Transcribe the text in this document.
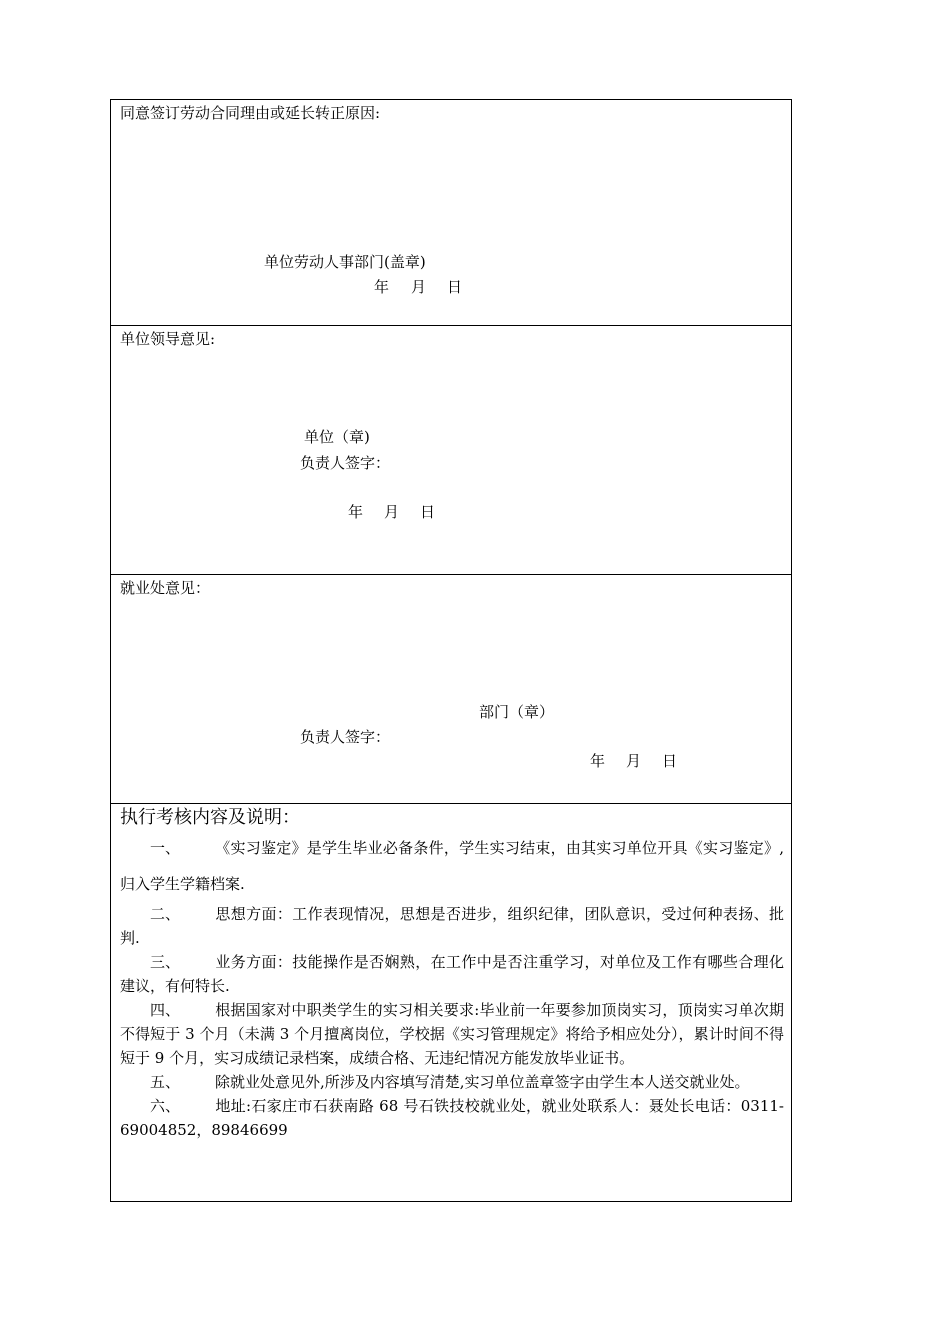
同意签订劳动合同理由或延长转正原因:
单位劳动人事部门(盖章)
年 月 日
单位领导意见:
单位（章)
负责人签字：
年 月 日
就业处意见：
部门（章）
负责人签字：
年 月 日
执行考核内容及说明：

一、 《实习鉴定》是学生毕业必备条件，学生实习结束，由其实习单位开具《实习鉴定》,归入学生学籍档案.

二、 思想方面：工作表现情况，思想是否进步，组织纪律，团队意识，受过何种表扬、批判.

三、 业务方面：技能操作是否娴熟，在工作中是否注重学习，对单位及工作有哪些合理化建议，有何特长.

四、 根据国家对中职类学生的实习相关要求:毕业前一年要参加顶岗实习，顶岗实习单次期不得短于 3 个月（未满 3 个月擅离岗位，学校据《实习管理规定》将给予相应处分），累计时间不得短于 9 个月，实习成绩记录档案，成绩合格、无违纪情况方能发放毕业证书。

五、 除就业处意见外,所涉及内容填写清楚,实习单位盖章签字由学生本人送交就业处。

六、 地址:石家庄市石获南路 68 号石铁技校就业处，就业处联系人：聂处长电话：0311-69004852，89846699
